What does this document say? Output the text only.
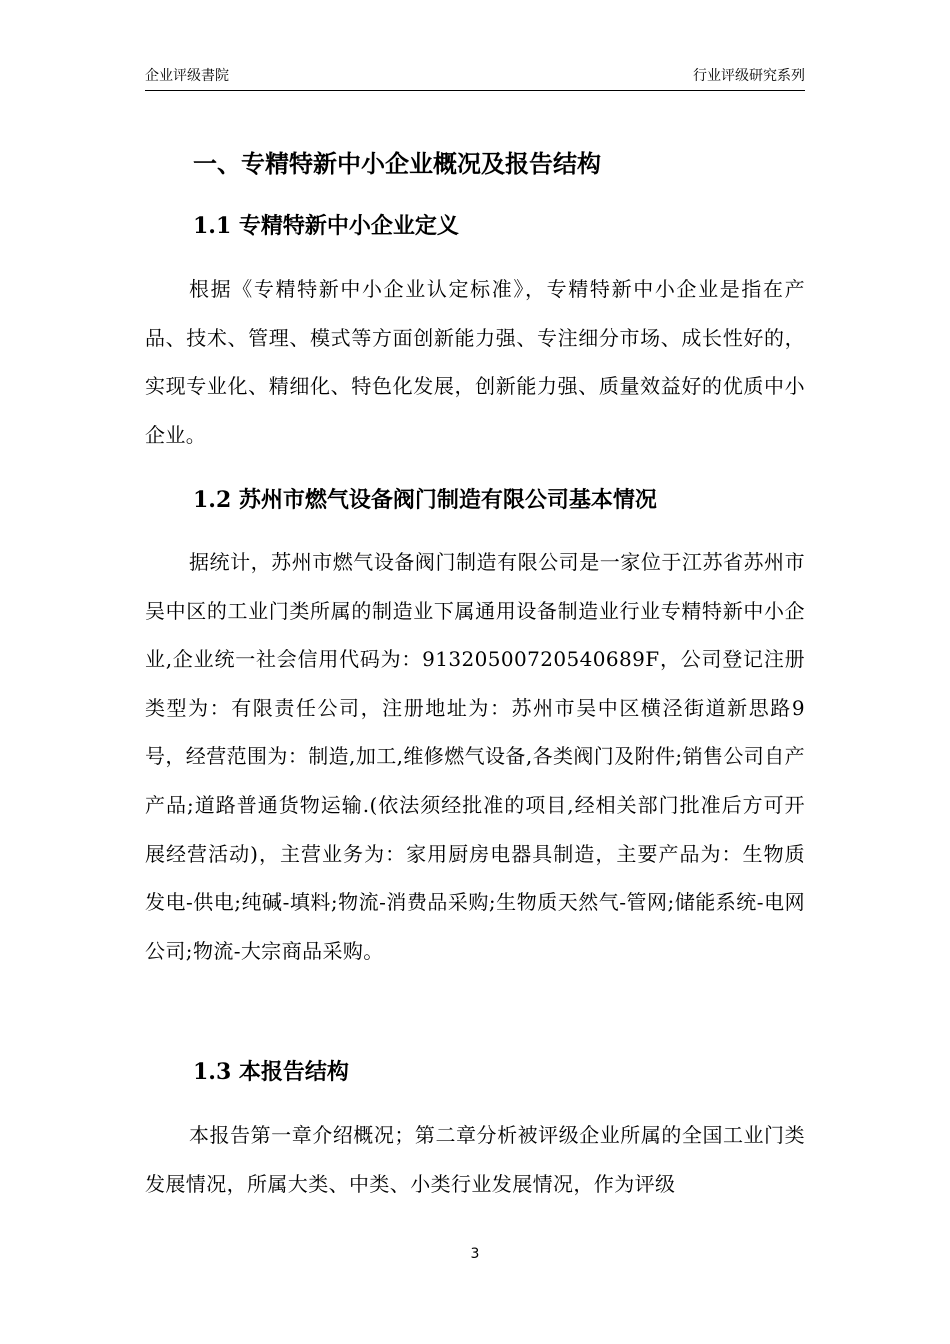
企业评级書院	行业评级研究系列
一、专精特新中小企业概况及报告结构
1.1 专精特新中小企业定义

根据《专精特新中小企业认定标准》，专精特新中小企业是指在产品、技术、管理、模式等方面创新能力强、专注细分市场、成长性好的，实现专业化、精细化、特色化发展，创新能力强、质量效益好的优质中小企业。

1.2 苏州市燃气设备阀门制造有限公司基本情况

据统计，苏州市燃气设备阀门制造有限公司是一家位于江苏省苏州市吴中区的工业门类所属的制造业下属通用设备制造业行业专精特新中小企业,企业统一社会信用代码为：91320500720540689F，公司登记注册类型为：有限责任公司，注册地址为：苏州市吴中区横泾街道新思路9号，经营范围为：制造,加工,维修燃气设备,各类阀门及附件;销售公司自产产品;道路普通货物运输.(依法须经批准的项目,经相关部门批准后方可开展经营活动)，主营业务为：家用厨房电器具制造，主要产品为：生物质发电-供电;纯碱-填料;物流-消费品采购;生物质天然气-管网;储能系统-电网公司;物流-大宗商品采购。

1.3 本报告结构

本报告第一章介绍概况；第二章分析被评级企业所属的全国工业门类发展情况，所属大类、中类、小类行业发展情况，作为评级

3
